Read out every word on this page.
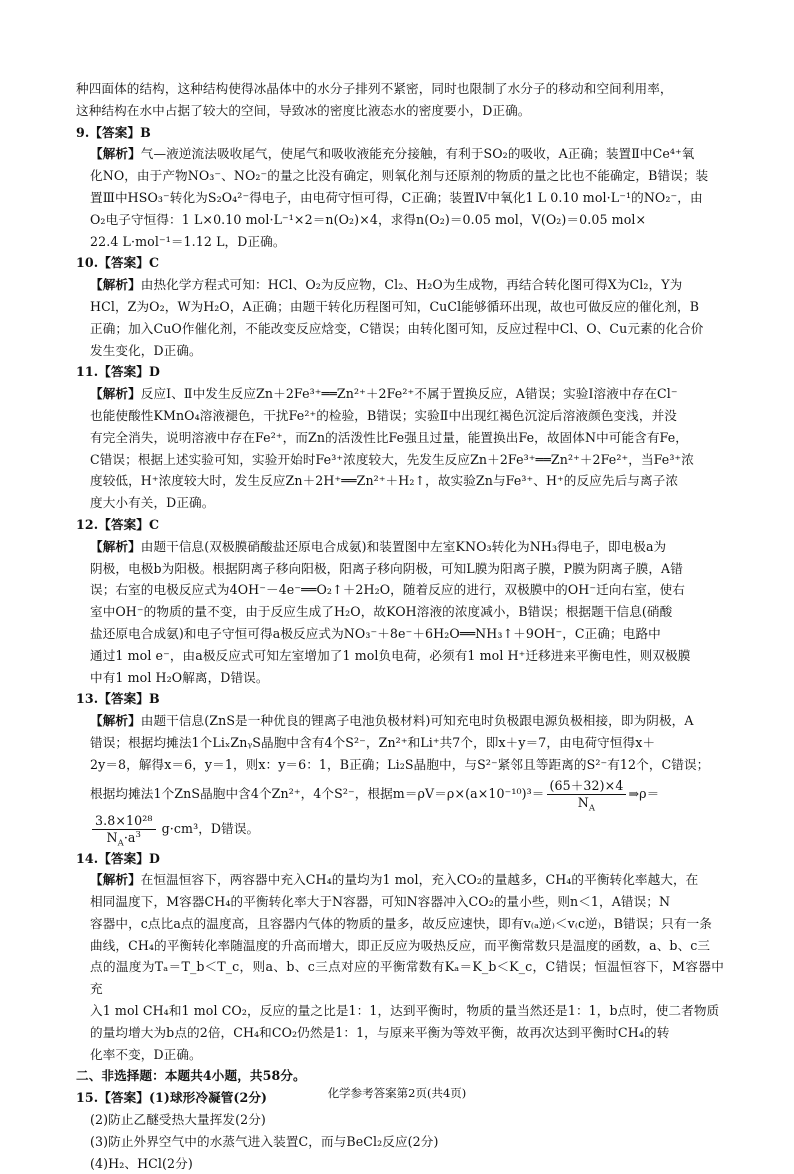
种四面体的结构，这种结构使得冰晶体中的水分子排列不紧密，同时也限制了水分子的移动和空间利用率，

这种结构在水中占据了较大的空间，导致冰的密度比液态水的密度要小，D正确。

9.【答案】B

【解析】气—液逆流法吸收尾气，使尾气和吸收液能充分接触，有利于SO₂的吸收，A正确；装置Ⅱ中Ce⁴⁺氧

化NO，由于产物NO₃⁻、NO₂⁻的量之比没有确定，则氧化剂与还原剂的物质的量之比也不能确定，B错误；装

置Ⅲ中HSO₃⁻转化为S₂O₄²⁻得电子，由电荷守恒可得，C正确；装置Ⅳ中氧化1 L 0.10 mol·L⁻¹的NO₂⁻，由

O₂电子守恒得：1 L×0.10 mol·L⁻¹×2＝n(O₂)×4，求得n(O₂)＝0.05 mol，V(O₂)＝0.05 mol×

22.4 L·mol⁻¹＝1.12 L，D正确。

10.【答案】C

【解析】由热化学方程式可知：HCl、O₂为反应物，Cl₂、H₂O为生成物，再结合转化图可得X为Cl₂，Y为

HCl，Z为O₂，W为H₂O，A正确；由题干转化历程图可知，CuCl能够循环出现，故也可做反应的催化剂，B

正确；加入CuO作催化剂，不能改变反应焓变，C错误；由转化图可知，反应过程中Cl、O、Cu元素的化合价

发生变化，D正确。

11.【答案】D

【解析】反应Ⅰ、Ⅱ中发生反应Zn＋2Fe³⁺══Zn²⁺＋2Fe²⁺不属于置换反应，A错误；实验Ⅰ溶液中存在Cl⁻

也能使酸性KMnO₄溶液褪色，干扰Fe²⁺的检验，B错误；实验Ⅱ中出现红褐色沉淀后溶液颜色变浅，并没

有完全消失，说明溶液中存在Fe²⁺，而Zn的活泼性比Fe强且过量，能置换出Fe，故固体N中可能含有Fe，

C错误；根据上述实验可知，实验开始时Fe³⁺浓度较大，先发生反应Zn＋2Fe³⁺══Zn²⁺＋2Fe²⁺，当Fe³⁺浓

度较低，H⁺浓度较大时，发生反应Zn＋2H⁺══Zn²⁺＋H₂↑，故实验Zn与Fe³⁺、H⁺的反应先后与离子浓

度大小有关，D正确。

12.【答案】C

【解析】由题干信息(双极膜硝酸盐还原电合成氨)和装置图中左室KNO₃转化为NH₃得电子，即电极a为

阴极，电极b为阳极。根据阴离子移向阳极，阳离子移向阴极，可知L膜为阳离子膜，P膜为阴离子膜，A错

误；右室的电极反应式为4OH⁻－4e⁻══O₂↑＋2H₂O，随着反应的进行，双极膜中的OH⁻迁向右室，使右

室中OH⁻的物质的量不变，由于反应生成了H₂O，故KOH溶液的浓度减小，B错误；根据题干信息(硝酸

盐还原电合成氨)和电子守恒可得a极反应式为NO₃⁻＋8e⁻＋6H₂O══NH₃↑＋9OH⁻，C正确；电路中

通过1 mol e⁻，由a极反应式可知左室增加了1 mol负电荷，必须有1 mol H⁺迁移进来平衡电性，则双极膜

中有1 mol H₂O解离，D错误。

13.【答案】B

【解析】由题干信息(ZnS是一种优良的锂离子电池负极材料)可知充电时负极跟电源负极相接，即为阴极，A

错误；根据均摊法1个LiₓZnᵧS晶胞中含有4个S²⁻，Zn²⁺和Li⁺共7个，即x＋y＝7，由电荷守恒得x＋

2y＝8，解得x＝6，y＝1，则x：y＝6：1，B正确；Li₂S晶胞中，与S²⁻紧邻且等距离的S²⁻有12个，C错误；

根据均摊法1个ZnS晶胞中含4个Zn²⁺，4个S²⁻，根据$m=\rho V=\rho\times(a\times 10^{-10})^3= \frac{(65+32)\times 4}{N_A}$ ⇒ρ＝

$\frac{\text{3.8×10²⁸}}{N_A\cdot a^3} g\cdot cm^3$，D错误。

14.【答案】D

【解析】在恒温恒容下，两容器中充入CH₄的量均为1 mol，充入CO₂的量越多，CH₄的平衡转化率越大，在

相同温度下，M容器CH₄的平衡转化率大于N容器，可知N容器冲入CO₂的量小些，则n＜1，A错误；N

容器中，c点比a点的温度高，且容器内气体的物质的量多，故反应速快，即有v₍ₐ逆₎＜v₍c逆₎，B错误；只有一条

曲线，CH₄的平衡转化率随温度的升高而增大，即正反应为吸热反应，而平衡常数只是温度的函数，a、b、c三

点的温度为Tₐ＝T_b＜T_c，则a、b、c三点对应的平衡常数有Kₐ＝K_b＜K_c，C错误；恒温恒容下，M容器中充

入1 mol CH₄和1 mol CO₂，反应的量之比是1：1，达到平衡时，物质的量当然还是1：1，b点时，使二者物质

的量均增大为b点的2倍，CH₄和CO₂仍然是1：1，与原来平衡为等效平衡，故再次达到平衡时CH₄的转

化率不变，D正确。

二、非选择题：本题共4小题，共58分。

15.【答案】(1)球形冷凝管(2分)

(2)防止乙醚受热大量挥发(2分)

(3)防止外界空气中的水蒸气进入装置C，而与BeCl₂反应(2分)

(4)H₂、HCl(2分)

化学参考答案第2页(共4页)
